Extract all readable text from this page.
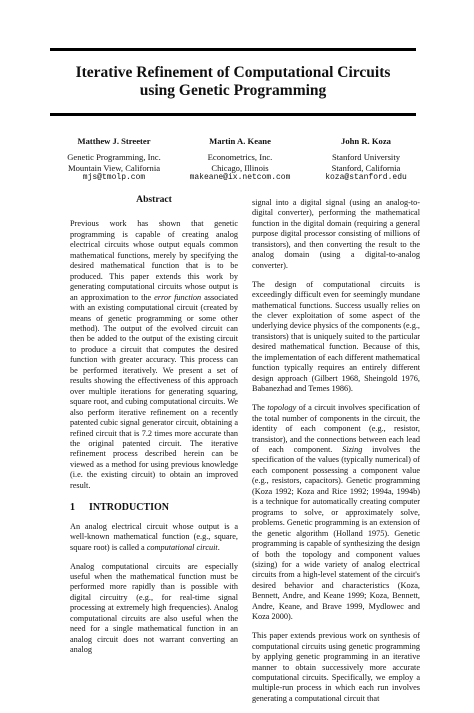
Iterative Refinement of Computational Circuits
using Genetic Programming
Matthew J. Streeter
Genetic Programming, Inc.
Mountain View, California
mjs@tmolp.com
Martin A. Keane
Econometrics, Inc.
Chicago, Illinois
makeane@ix.netcom.com
John R. Koza
Stanford University
Stanford, California
koza@stanford.edu
Abstract

Previous work has shown that genetic programming is capable of creating analog electrical circuits whose output equals common mathematical functions, merely by specifying the desired mathematical function that is to be produced. This paper extends this work by generating computational circuits whose output is an approximation to the error function associated with an existing computational circuit (created by means of genetic programming or some other method). The output of the evolved circuit can then be added to the output of the existing circuit to produce a circuit that computes the desired function with greater accuracy. This process can be performed iteratively. We present a set of results showing the effectiveness of this approach over multiple iterations for generating squaring, square root, and cubing computational circuits. We also perform iterative refinement on a recently patented cubic signal generator circuit, obtaining a refined circuit that is 7.2 times more accurate than the original patented circuit. The iterative refinement process described herein can be viewed as a method for using previous knowledge (i.e. the existing circuit) to obtain an improved result.

1 INTRODUCTION

An analog electrical circuit whose output is a well-known mathematical function (e.g., square, square root) is called a computational circuit.

Analog computational circuits are especially useful when the mathematical function must be performed more rapidly than is possible with digital circuitry (e.g., for real-time signal processing at extremely high frequencies). Analog computational circuits are also useful when the need for a single mathematical function in an analog circuit does not warrant converting an analog

signal into a digital signal (using an analog-to-digital converter), performing the mathematical function in the digital domain (requiring a general purpose digital processor consisting of millions of transistors), and then converting the result to the analog domain (using a digital-to-analog converter).

The design of computational circuits is exceedingly difficult even for seemingly mundane mathematical functions. Success usually relies on the clever exploitation of some aspect of the underlying device physics of the components (e.g., transistors) that is uniquely suited to the particular desired mathematical function. Because of this, the implementation of each different mathematical function typically requires an entirely different design approach (Gilbert 1968, Sheingold 1976, Babanezhad and Temes 1986).

The topology of a circuit involves specification of the total number of components in the circuit, the identity of each component (e.g., resistor, transistor), and the connections between each lead of each component. Sizing involves the specification of the values (typically numerical) of each component possessing a component value (e.g., resistors, capacitors). Genetic programming (Koza 1992; Koza and Rice 1992; 1994a, 1994b) is a technique for automatically creating computer programs to solve, or approximately solve, problems. Genetic programming is an extension of the genetic algorithm (Holland 1975). Genetic programming is capable of synthesizing the design of both the topology and component values (sizing) for a wide variety of analog electrical circuits from a high-level statement of the circuit's desired behavior and characteristics (Koza, Bennett, Andre, and Keane 1999; Koza, Bennett, Andre, Keane, and Brave 1999, Mydlowec and Koza 2000).

This paper extends previous work on synthesis of computational circuits using genetic programming by applying genetic programming in an iterative manner to obtain successively more accurate computational circuits. Specifically, we employ a multiple-run process in which each run involves generating a computational circuit that
